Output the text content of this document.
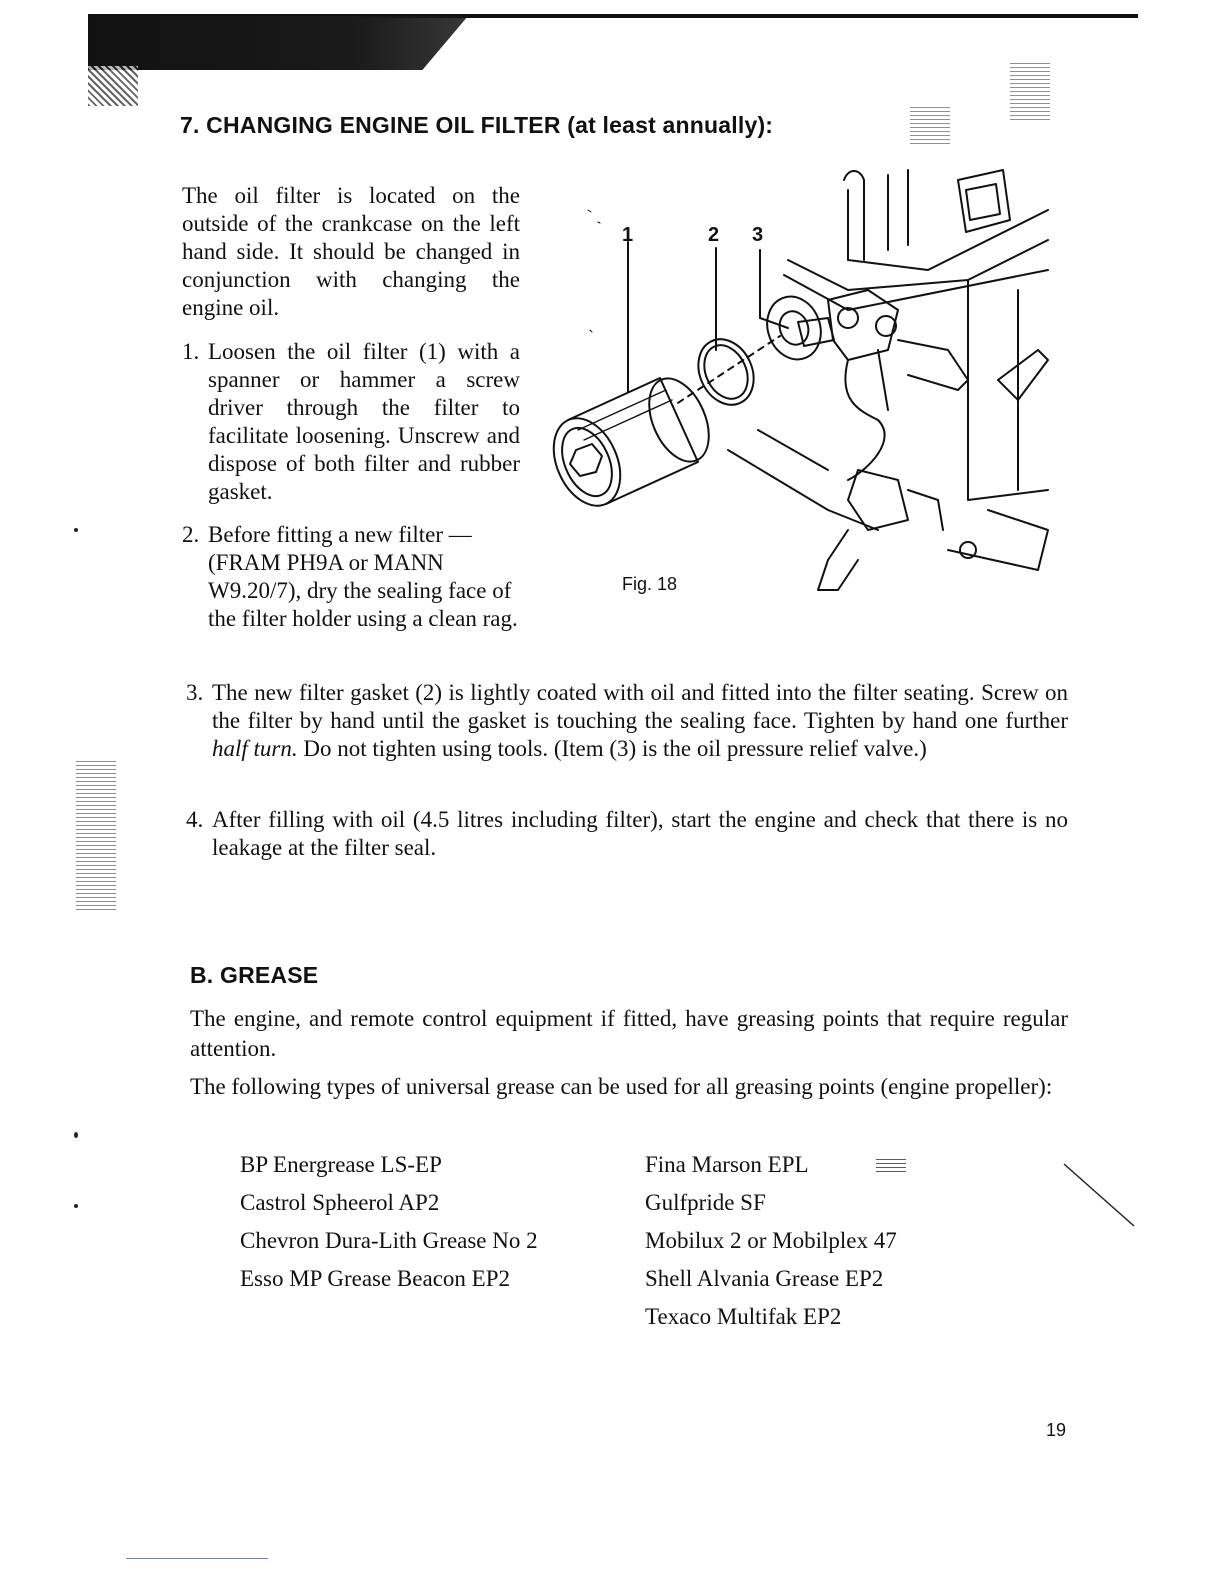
7. CHANGING ENGINE OIL FILTER (at least annually):

The oil filter is located on the outside of the crankcase on the left hand side. It should be changed in conjunction with changing the engine oil.

1. Loosen the oil filter (1) with a spanner or hammer a screw driver through the filter to facilitate loosening. Unscrew and dispose of both filter and rubber gasket.
2. Before fitting a new filter — (FRAM PH9A or MANN W9.20/7), dry the sealing face of the filter holder using a clean rag.
3. The new filter gasket (2) is lightly coated with oil and fitted into the filter seating. Screw on the filter by hand until the gasket is touching the sealing face. Tighten by hand one further half turn. Do not tighten using tools. (Item (3) is the oil pressure relief valve.)
4. After filling with oil (4.5 litres including filter), start the engine and check that there is no leakage at the filter seal.
1	2 3
Fig. 18
B. GREASE

The engine, and remote control equipment if fitted, have greasing points that require regular attention.

The following types of universal grease can be used for all greasing points (engine propeller):

BP Energrease LS-EP
Castrol Spheerol AP2
Chevron Dura-Lith Grease No 2
Esso MP Grease Beacon EP2
Fina Marson EPL
Gulfpride SF
Mobilux 2 or Mobilplex 47
Shell Alvania Grease EP2
Texaco Multifak EP2
19
